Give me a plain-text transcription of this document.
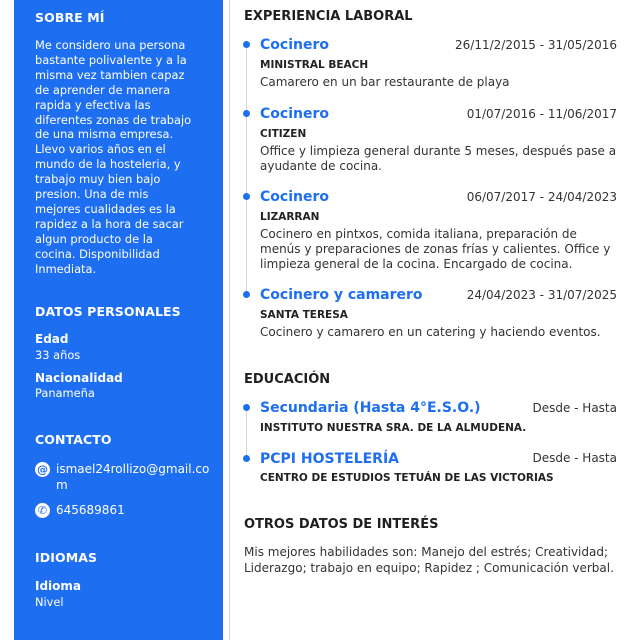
SOBRE MÍ
Me considero una persona
bastante polivalente y a la
misma vez tambien capaz
de aprender de manera
rapida y efectiva las
diferentes zonas de trabajo
de una misma empresa.
Llevo varios años en el
mundo de la hosteleria, y
trabajo muy bien bajo
presion. Una de mis
mejores cualidades es la
rapidez a la hora de sacar
algun producto de la
cocina. Disponibilidad
Inmediata.
DATOS PERSONALES
Edad
33 años
Nacionalidad
Panameña
CONTACTO
@ ismael24rollizo@gmail.co
m
✆ 645689861
IDIOMAS
Idioma
Nivel
EXPERIENCIA LABORAL
Cocinero	26/11/2/2015 - 31/05/2016
MINISTRAL BEACH
Camarero en un bar restaurante de playa
Cocinero	01/07/2016 - 11/06/2017
CITIZEN
Office y limpieza general durante 5 meses, después pase a ayudante de cocina.
Cocinero	06/07/2017 - 24/04/2023
LIZARRAN
Cocinero en pintxos, comida italiana, preparación de menús y preparaciones de zonas frías y calientes. Office y limpieza general de la cocina. Encargado de cocina.
Cocinero y camarero	24/04/2023 - 31/07/2025
SANTA TERESA
Cocinero y camarero en un catering y haciendo eventos.
EDUCACIÓN
Secundaria (Hasta 4°E.S.O.)	Desde - Hasta
INSTITUTO NUESTRA SRA. DE LA ALMUDENA.
PCPI HOSTELERÍA	Desde - Hasta
CENTRO DE ESTUDIOS TETUÁN DE LAS VICTORIAS
OTROS DATOS DE INTERÉS
Mis mejores habilidades son: Manejo del estrés; Creatividad; Liderazgo; trabajo en equipo; Rapidez ; Comunicación verbal.
